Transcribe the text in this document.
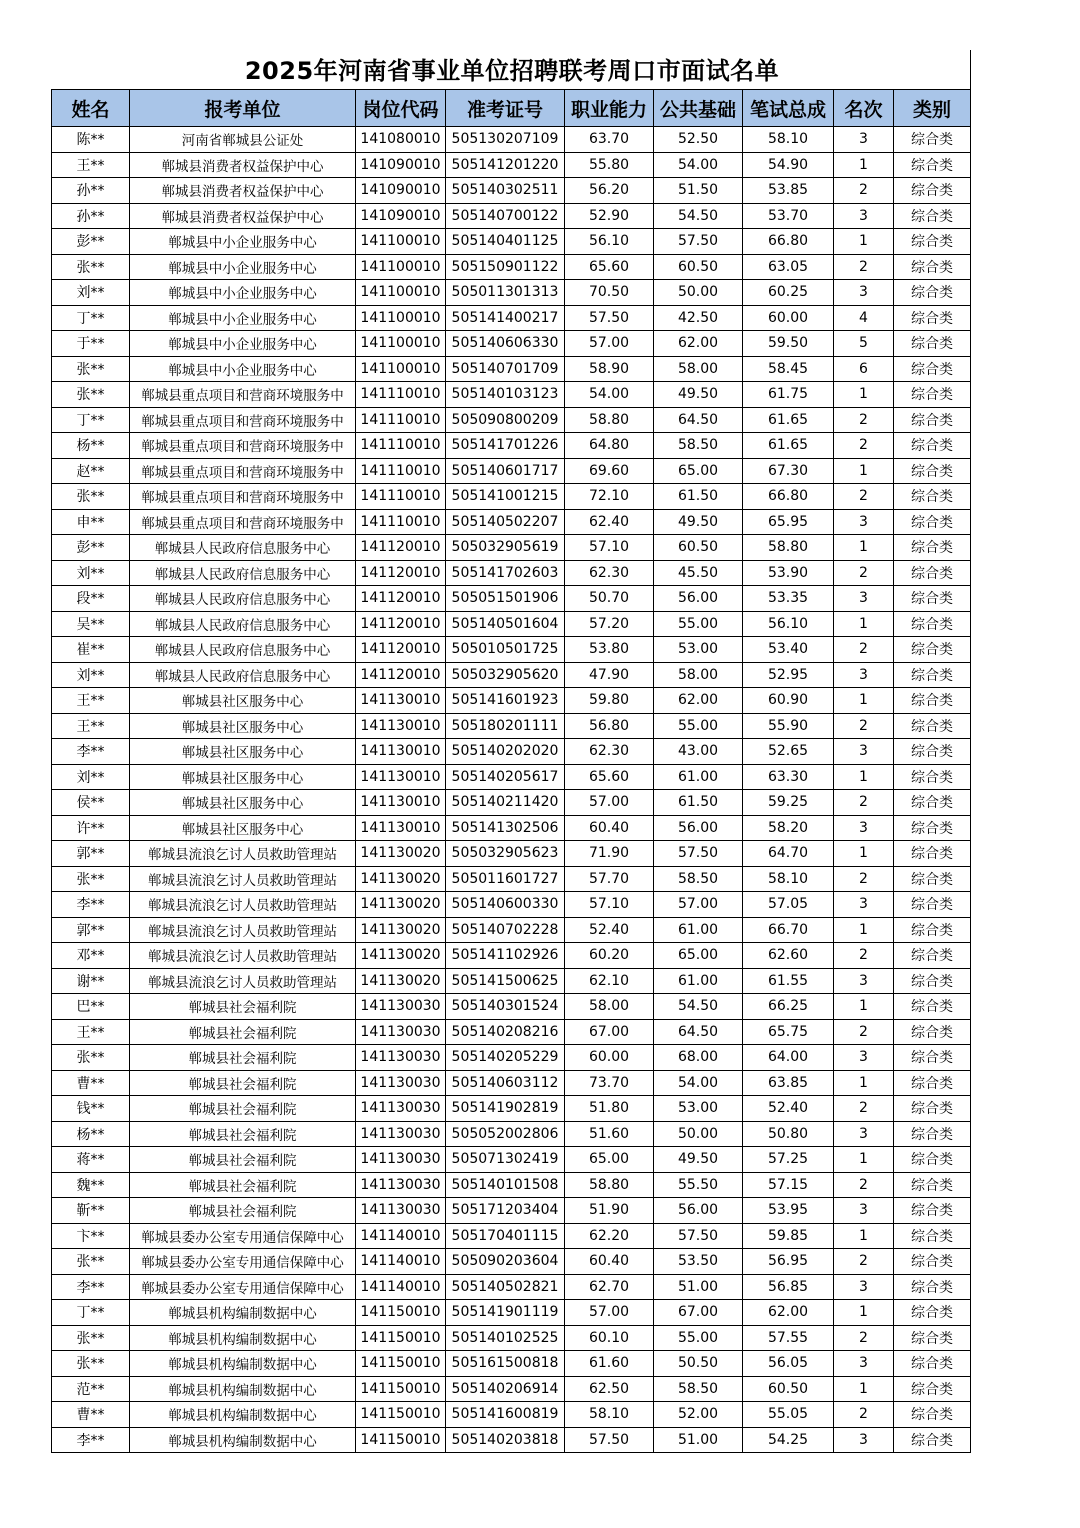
2025年河南省事业单位招聘联考周口市面试名单
姓名	报考单位	岗位代码	准考证号	职业能力	公共基础	笔试总成	名次	类别
陈**	河南省郸城县公证处	141080010	505130207109	63.70	52.50	58.10	3	综合类
王**	郸城县消费者权益保护中心	141090010	505141201220	55.80	54.00	54.90	1	综合类
孙**	郸城县消费者权益保护中心	141090010	505140302511	56.20	51.50	53.85	2	综合类
孙**	郸城县消费者权益保护中心	141090010	505140700122	52.90	54.50	53.70	3	综合类
彭**	郸城县中小企业服务中心	141100010	505140401125	56.10	57.50	66.80	1	综合类
张**	郸城县中小企业服务中心	141100010	505150901122	65.60	60.50	63.05	2	综合类
刘**	郸城县中小企业服务中心	141100010	505011301313	70.50	50.00	60.25	3	综合类
丁**	郸城县中小企业服务中心	141100010	505141400217	57.50	42.50	60.00	4	综合类
于**	郸城县中小企业服务中心	141100010	505140606330	57.00	62.00	59.50	5	综合类
张**	郸城县中小企业服务中心	141100010	505140701709	58.90	58.00	58.45	6	综合类
张**	郸城县重点项目和营商环境服务中	141110010	505140103123	54.00	49.50	61.75	1	综合类
丁**	郸城县重点项目和营商环境服务中	141110010	505090800209	58.80	64.50	61.65	2	综合类
杨**	郸城县重点项目和营商环境服务中	141110010	505141701226	64.80	58.50	61.65	2	综合类
赵**	郸城县重点项目和营商环境服务中	141110010	505140601717	69.60	65.00	67.30	1	综合类
张**	郸城县重点项目和营商环境服务中	141110010	505141001215	72.10	61.50	66.80	2	综合类
申**	郸城县重点项目和营商环境服务中	141110010	505140502207	62.40	49.50	65.95	3	综合类
彭**	郸城县人民政府信息服务中心	141120010	505032905619	57.10	60.50	58.80	1	综合类
刘**	郸城县人民政府信息服务中心	141120010	505141702603	62.30	45.50	53.90	2	综合类
段**	郸城县人民政府信息服务中心	141120010	505051501906	50.70	56.00	53.35	3	综合类
吴**	郸城县人民政府信息服务中心	141120010	505140501604	57.20	55.00	56.10	1	综合类
崔**	郸城县人民政府信息服务中心	141120010	505010501725	53.80	53.00	53.40	2	综合类
刘**	郸城县人民政府信息服务中心	141120010	505032905620	47.90	58.00	52.95	3	综合类
王**	郸城县社区服务中心	141130010	505141601923	59.80	62.00	60.90	1	综合类
王**	郸城县社区服务中心	141130010	505180201111	56.80	55.00	55.90	2	综合类
李**	郸城县社区服务中心	141130010	505140202020	62.30	43.00	52.65	3	综合类
刘**	郸城县社区服务中心	141130010	505140205617	65.60	61.00	63.30	1	综合类
侯**	郸城县社区服务中心	141130010	505140211420	57.00	61.50	59.25	2	综合类
许**	郸城县社区服务中心	141130010	505141302506	60.40	56.00	58.20	3	综合类
郭**	郸城县流浪乞讨人员救助管理站	141130020	505032905623	71.90	57.50	64.70	1	综合类
张**	郸城县流浪乞讨人员救助管理站	141130020	505011601727	57.70	58.50	58.10	2	综合类
李**	郸城县流浪乞讨人员救助管理站	141130020	505140600330	57.10	57.00	57.05	3	综合类
郭**	郸城县流浪乞讨人员救助管理站	141130020	505140702228	52.40	61.00	66.70	1	综合类
邓**	郸城县流浪乞讨人员救助管理站	141130020	505141102926	60.20	65.00	62.60	2	综合类
谢**	郸城县流浪乞讨人员救助管理站	141130020	505141500625	62.10	61.00	61.55	3	综合类
巴**	郸城县社会福利院	141130030	505140301524	58.00	54.50	66.25	1	综合类
王**	郸城县社会福利院	141130030	505140208216	67.00	64.50	65.75	2	综合类
张**	郸城县社会福利院	141130030	505140205229	60.00	68.00	64.00	3	综合类
曹**	郸城县社会福利院	141130030	505140603112	73.70	54.00	63.85	1	综合类
钱**	郸城县社会福利院	141130030	505141902819	51.80	53.00	52.40	2	综合类
杨**	郸城县社会福利院	141130030	505052002806	51.60	50.00	50.80	3	综合类
蒋**	郸城县社会福利院	141130030	505071302419	65.00	49.50	57.25	1	综合类
魏**	郸城县社会福利院	141130030	505140101508	58.80	55.50	57.15	2	综合类
靳**	郸城县社会福利院	141130030	505171203404	51.90	56.00	53.95	3	综合类
卞**	郸城县委办公室专用通信保障中心	141140010	505170401115	62.20	57.50	59.85	1	综合类
张**	郸城县委办公室专用通信保障中心	141140010	505090203604	60.40	53.50	56.95	2	综合类
李**	郸城县委办公室专用通信保障中心	141140010	505140502821	62.70	51.00	56.85	3	综合类
丁**	郸城县机构编制数据中心	141150010	505141901119	57.00	67.00	62.00	1	综合类
张**	郸城县机构编制数据中心	141150010	505140102525	60.10	55.00	57.55	2	综合类
张**	郸城县机构编制数据中心	141150010	505161500818	61.60	50.50	56.05	3	综合类
范**	郸城县机构编制数据中心	141150010	505140206914	62.50	58.50	60.50	1	综合类
曹**	郸城县机构编制数据中心	141150010	505141600819	58.10	52.00	55.05	2	综合类
李**	郸城县机构编制数据中心	141150010	505140203818	57.50	51.00	54.25	3	综合类
